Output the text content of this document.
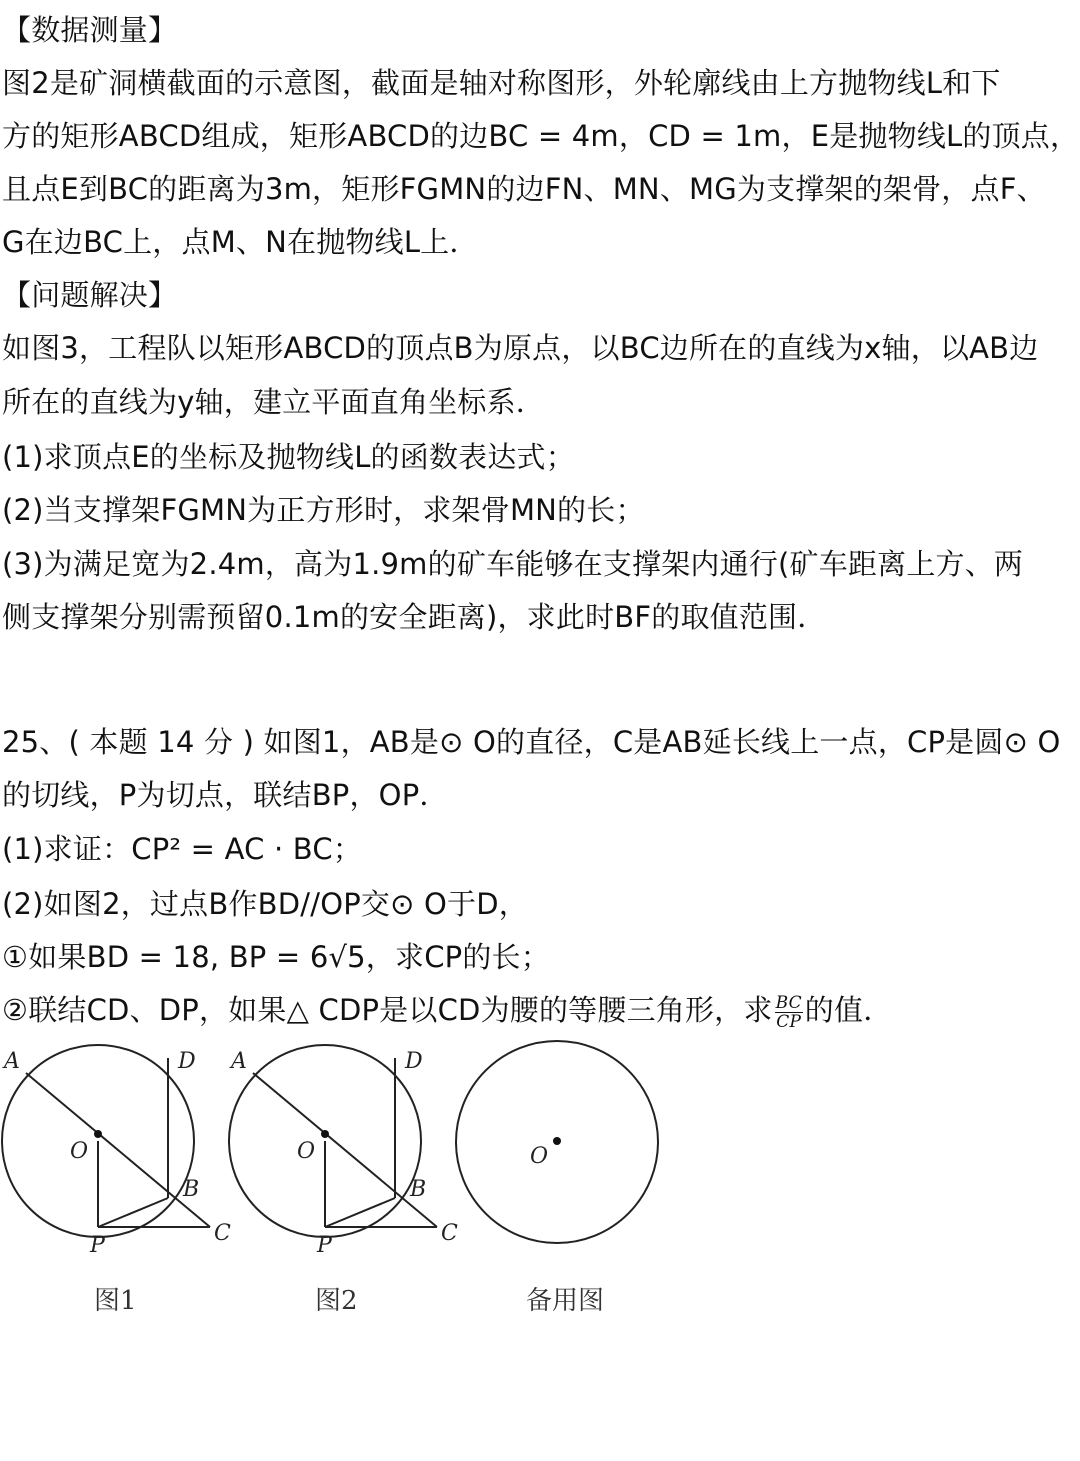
【数据测量】
图2是矿洞横截面的示意图，截面是轴对称图形，外轮廓线由上方抛物线L和下
方的矩形ABCD组成，矩形ABCD的边BC = 4m，CD = 1m，E是抛物线L的顶点，
且点E到BC的距离为3m，矩形FGMN的边FN、MN、MG为支撑架的架骨，点F、
G在边BC上，点M、N在抛物线L上．
【问题解决】
如图3，工程队以矩形ABCD的顶点B为原点，以BC边所在的直线为x轴，以AB边
所在的直线为y轴，建立平面直角坐标系．
(1)求顶点E的坐标及抛物线L的函数表达式；
(2)当支撑架FGMN为正方形时，求架骨MN的长；
(3)为满足宽为2.4m，高为1.9m的矿车能够在支撑架内通行(矿车距离上方、两
侧支撑架分别需预留0.1m的安全距离)，求此时BF的取值范围．
25、( 本题 14 分 ) 如图1，AB是⊙ O的直径，C是AB延长线上一点，CP是圆⊙ O
的切线，P为切点，联结BP，OP．
(1)求证：CP² = AC · BC；
(2)如图2，过点B作BD//OP交⊙ O于D，
①如果BD = 18, BP = 6√5，求CP的长；
②联结CD、DP，如果△ CDP是以CD为腰的等腰三角形，求 $\frac{BC}{CP}$ 的值．
A	D
O
B
P	C
A	D
O
B
P	C
O
图1	图2	备用图
